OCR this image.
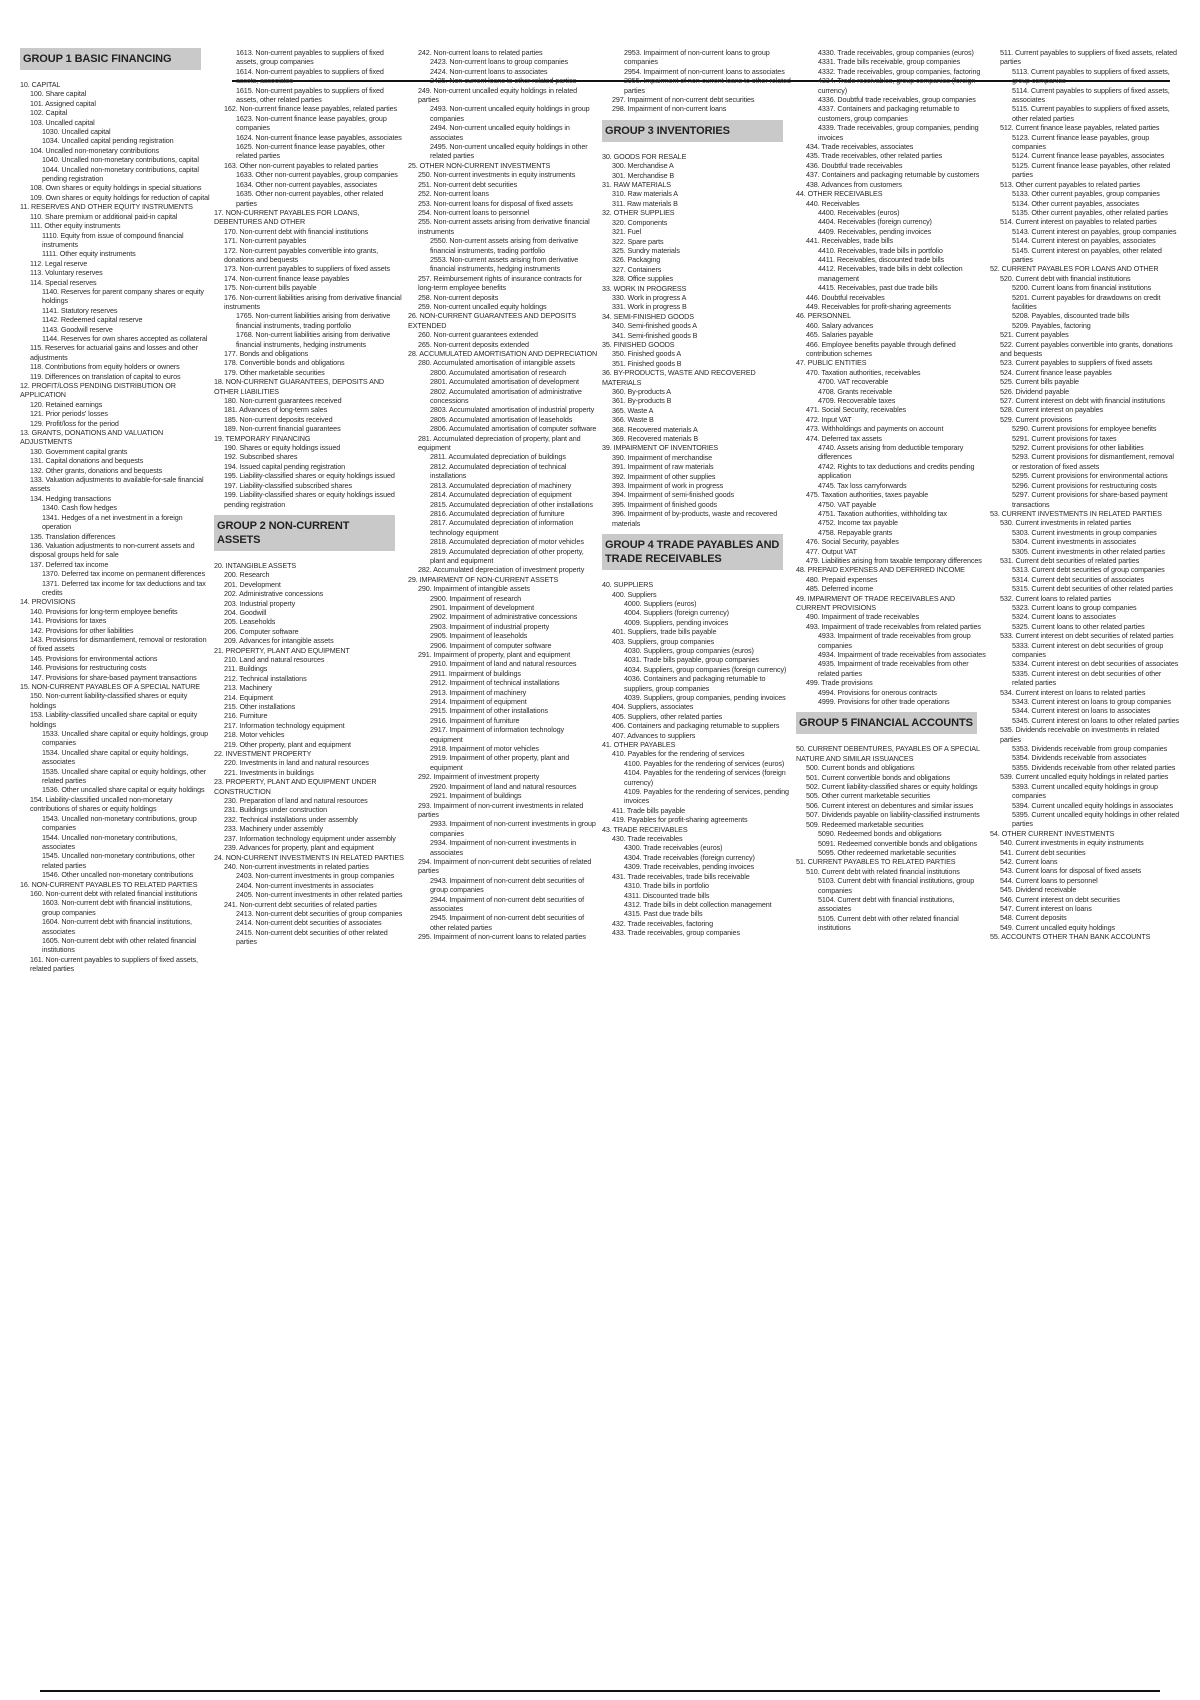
GROUP 1 BASIC FINANCING
10. CAPITAL
100. Share capital
101. Assigned capital
102. Capital
103. Uncalled capital
1030. Uncalled capital
1034. Uncalled capital pending registration
104. Uncalled non-monetary contributions
1040. Uncalled non-monetary contributions, capital
1044. Uncalled non-monetary contributions, capital pending registration
108. Own shares or equity holdings in special situations
109. Own shares or equity holdings for reduction of capital
11. RESERVES AND OTHER EQUITY INSTRUMENTS
110. Share premium or additional paid-in capital
111. Other equity instruments
1110. Equity from issue of compound financial instruments
1111. Other equity instruments
112. Legal reserve
113. Voluntary reserves
114. Special reserves
1140. Reserves for parent company shares or equity holdings
1141. Statutory reserves
1142. Redeemed capital reserve
1143. Goodwill reserve
1144. Reserves for own shares accepted as collateral
115. Reserves for actuarial gains and losses and other adjustments
118. Contributions from equity holders or owners
119. Differences on translation of capital to euros
12. PROFIT/LOSS PENDING DISTRIBUTION OR APPLICATION
120. Retained earnings
121. Prior periods' losses
129. Profit/loss for the period
13. GRANTS, DONATIONS AND VALUATION ADJUSTMENTS
130. Government capital grants
131. Capital donations and bequests
132. Other grants, donations and bequests
133. Valuation adjustments to available-for-sale financial assets
134. Hedging transactions
1340. Cash flow hedges
1341. Hedges of a net investment in a foreign operation
135. Translation differences
136. Valuation adjustments to non-current assets and disposal groups held for sale
137. Deferred tax income
1370. Deferred tax income on permanent differences
1371. Deferred tax income for tax deductions and tax credits
14. PROVISIONS
140. Provisions for long-term employee benefits
141. Provisions for taxes
142. Provisions for other liabilities
143. Provisions for dismantlement, removal or restoration of fixed assets
145. Provisions for environmental actions
146. Provisions for restructuring costs
147. Provisions for share-based payment transactions
15. NON-CURRENT PAYABLES OF A SPECIAL NATURE
150. Non-current liability-classified shares or equity holdings
153. Liability-classified uncalled share capital or equity holdings
1533. Uncalled share capital or equity holdings, group companies
1534. Uncalled share capital or equity holdings, associates
1535. Uncalled share capital or equity holdings, other related parties
1536. Other uncalled share capital or equity holdings
154. Liability-classified uncalled non-monetary contributions of shares or equity holdings
1543. Uncalled non-monetary contributions, group companies
1544. Uncalled non-monetary contributions, associates
1545. Uncalled non-monetary contributions, other related parties
1546. Other uncalled non-monetary contributions
16. NON-CURRENT PAYABLES TO RELATED PARTIES
160. Non-current debt with related financial institutions
1603. Non-current debt with financial institutions, group companies
1604. Non-current debt with financial institutions, associates
1605. Non-current debt with other related financial institutions
161. Non-current payables to suppliers of fixed assets, related parties
1613. Non-current payables to suppliers of fixed assets, group companies
1614. Non-current payables to suppliers of fixed assets, associates
1615. Non-current payables to suppliers of fixed assets, other related parties
162. Non-current finance lease payables, related parties
1623. Non-current finance lease payables, group companies
1624. Non-current finance lease payables, associates
1625. Non-current finance lease payables, other related parties
163. Other non-current payables to related parties
1633. Other non-current payables, group companies
1634. Other non-current payables, associates
1635. Other non-current payables, other related parties
17. NON-CURRENT PAYABLES FOR LOANS, DEBENTURES AND OTHER
170. Non-current debt with financial institutions
171. Non-current payables
172. Non-current payables convertible into grants, donations and bequests
173. Non-current payables to suppliers of fixed assets
174. Non-current finance lease payables
175. Non-current bills payable
176. Non-current liabilities arising from derivative financial instruments
1765. Non-current liabilities arising from derivative financial instruments, trading portfolio
1768. Non-current liabilities arising from derivative financial instruments, hedging instruments
177. Bonds and obligations
178. Convertible bonds and obligations
179. Other marketable securities
18. NON-CURRENT GUARANTEES, DEPOSITS AND OTHER LIABILITIES
180. Non-current guarantees received
181. Advances of long-term sales
185. Non-current deposits received
189. Non-current financial guarantees
19. TEMPORARY FINANCING
190. Shares or equity holdings issued
192. Subscribed shares
194. Issued capital pending registration
195. Liability-classified shares or equity holdings issued
197. Liability-classified subscribed shares
199. Liability-classified shares or equity holdings issued pending registration
GROUP 2 NON-CURRENT ASSETS
20. INTANGIBLE ASSETS
200. Research
201. Development
202. Administrative concessions
203. Industrial property
204. Goodwill
205. Leaseholds
206. Computer software
209. Advances for intangible assets
21. PROPERTY, PLANT AND EQUIPMENT
210. Land and natural resources
211. Buildings
212. Technical installations
213. Machinery
214. Equipment
215. Other installations
216. Furniture
217. Information technology equipment
218. Motor vehicles
219. Other property, plant and equipment
22. INVESTMENT PROPERTY
220. Investments in land and natural resources
221. Investments in buildings
23. PROPERTY, PLANT AND EQUIPMENT UNDER CONSTRUCTION
230. Preparation of land and natural resources
231. Buildings under construction
232. Technical installations under assembly
233. Machinery under assembly
237. Information technology equipment under assembly
239. Advances for property, plant and equipment
24. NON-CURRENT INVESTMENTS IN RELATED PARTIES
240. Non-current investments in related parties
2403. Non-current investments in group companies
2404. Non-current investments in associates
2405. Non-current investments in other related parties
241. Non-current debt securities of related parties
2413. Non-current debt securities of group companies
2414. Non-current debt securities of associates
2415. Non-current debt securities of other related parties
242. Non-current loans to related parties
2423. Non-current loans to group companies
2424. Non-current loans to associates
2425. Non-current loans to other related parties
249. Non-current uncalled equity holdings in related parties
2493. Non-current uncalled equity holdings in group companies
2494. Non-current uncalled equity holdings in associates
2495. Non-current uncalled equity holdings in other related parties
25. OTHER NON-CURRENT INVESTMENTS
250. Non-current investments in equity instruments
251. Non-current debt securities
252. Non-current loans
253. Non-current loans for disposal of fixed assets
254. Non-current loans to personnel
255. Non-current assets arising from derivative financial instruments
2550. Non-current assets arising from derivative financial instruments, trading portfolio
2553. Non-current assets arising from derivative financial instruments, hedging instruments
257. Reimbursement rights of insurance contracts for long-term employee benefits
258. Non-current deposits
259. Non-current uncalled equity holdings
26. NON-CURRENT GUARANTEES AND DEPOSITS EXTENDED
260. Non-current guarantees extended
265. Non-current deposits extended
28. ACCUMULATED AMORTISATION AND DEPRECIATION
280. Accumulated amortisation of intangible assets
2800. Accumulated amortisation of research
2801. Accumulated amortisation of development
2802. Accumulated amortisation of administrative concessions
2803. Accumulated amortisation of industrial property
2805. Accumulated amortisation of leaseholds
2806. Accumulated amortisation of computer software
281. Accumulated depreciation of property, plant and equipment
2811. Accumulated depreciation of buildings
2812. Accumulated depreciation of technical installations
2813. Accumulated depreciation of machinery
2814. Accumulated depreciation of equipment
2815. Accumulated depreciation of other installations
2816. Accumulated depreciation of furniture
2817. Accumulated depreciation of information technology equipment
2818. Accumulated depreciation of motor vehicles
2819. Accumulated depreciation of other property, plant and equipment
282. Accumulated depreciation of investment property
29. IMPAIRMENT OF NON-CURRENT ASSETS
290. Impairment of intangible assets
2900. Impairment of research
2901. Impairment of development
2902. Impairment of administrative concessions
2903. Impairment of industrial property
2905. Impairment of leaseholds
2906. Impairment of computer software
291. Impairment of property, plant and equipment
2910. Impairment of land and natural resources
2911. Impairment of buildings
2912. Impairment of technical installations
2913. Impairment of machinery
2914. Impairment of equipment
2915. Impairment of other installations
2916. Impairment of furniture
2917. Impairment of information technology equipment
2918. Impairment of motor vehicles
2919. Impairment of other property, plant and equipment
292. Impairment of investment property
2920. Impairment of land and natural resources
2921. Impairment of buildings
293. Impairment of non-current investments in related parties
2933. Impairment of non-current investments in group companies
2934. Impairment of non-current investments in associates
294. Impairment of non-current debt securities of related parties
2943. Impairment of non-current debt securities of group companies
2944. Impairment of non-current debt securities of associates
2945. Impairment of non-current debt securities of other related parties
295. Impairment of non-current loans to related parties
2953. Impairment of non-current loans to group companies
2954. Impairment of non-current loans to associates
2955. Impairment of non-current loans to other related parties
297. Impairment of non-current debt securities
298. Impairment of non-current loans
GROUP 3 INVENTORIES
30. GOODS FOR RESALE
300. Merchandise A
301. Merchandise B
31. RAW MATERIALS
310. Raw materials A
311. Raw materials B
32. OTHER SUPPLIES
320. Components
321. Fuel
322. Spare parts
325. Sundry materials
326. Packaging
327. Containers
328. Office supplies
33. WORK IN PROGRESS
330. Work in progress A
331. Work in progress B
34. SEMI-FINISHED GOODS
340. Semi-finished goods A
341. Semi-finished goods B
35. FINISHED GOODS
350. Finished goods A
351. Finished goods B
36. BY-PRODUCTS, WASTE AND RECOVERED MATERIALS
360. By-products A
361. By-products B
365. Waste A
366. Waste B
368. Recovered materials A
369. Recovered materials B
39. IMPAIRMENT OF INVENTORIES
390. Impairment of merchandise
391. Impairment of raw materials
392. Impairment of other supplies
393. Impairment of work in progress
394. Impairment of semi-finished goods
395. Impairment of finished goods
396. Impairment of by-products, waste and recovered materials
GROUP 4 TRADE PAYABLES AND TRADE RECEIVABLES
40. SUPPLIERS
400. Suppliers
4000. Suppliers (euros)
4004. Suppliers (foreign currency)
4009. Suppliers, pending invoices
401. Suppliers, trade bills payable
403. Suppliers, group companies
4030. Suppliers, group companies (euros)
4031. Trade bills payable, group companies
4034. Suppliers, group companies (foreign currency)
4036. Containers and packaging returnable to suppliers, group companies
4039. Suppliers, group companies, pending invoices
404. Suppliers, associates
405. Suppliers, other related parties
406. Containers and packaging returnable to suppliers
407. Advances to suppliers
41. OTHER PAYABLES
410. Payables for the rendering of services
4100. Payables for the rendering of services (euros)
4104. Payables for the rendering of services (foreign currency)
4109. Payables for the rendering of services, pending invoices
411. Trade bills payable
419. Payables for profit-sharing agreements
43. TRADE RECEIVABLES
430. Trade receivables
4300. Trade receivables (euros)
4304. Trade receivables (foreign currency)
4309. Trade receivables, pending invoices
431. Trade receivables, trade bills receivable
4310. Trade bills in portfolio
4311. Discounted trade bills
4312. Trade bills in debt collection management
4315. Past due trade bills
432. Trade receivables, factoring
433. Trade receivables, group companies
4330. Trade receivables, group companies (euros)
4331. Trade bills receivable, group companies
4332. Trade receivables, group companies, factoring
4334. Trade receivables, group companies (foreign currency)
4336. Doubtful trade receivables, group companies
4337. Containers and packaging returnable to customers, group companies
4339. Trade receivables, group companies, pending invoices
434. Trade receivables, associates
435. Trade receivables, other related parties
436. Doubtful trade receivables
437. Containers and packaging returnable by customers
438. Advances from customers
44. OTHER RECEIVABLES
440. Receivables
4400. Receivables (euros)
4404. Receivables (foreign currency)
4409. Receivables, pending invoices
441. Receivables, trade bills
4410. Receivables, trade bills in portfolio
4411. Receivables, discounted trade bills
4412. Receivables, trade bills in debt collection management
4415. Receivables, past due trade bills
446. Doubtful receivables
449. Receivables for profit-sharing agreements
46. PERSONNEL
460. Salary advances
465. Salaries payable
466. Employee benefits payable through defined contribution schemes
47. PUBLIC ENTITIES
470. Taxation authorities, receivables
4700. VAT recoverable
4708. Grants receivable
4709. Recoverable taxes
471. Social Security, receivables
472. Input VAT
473. Withholdings and payments on account
474. Deferred tax assets
4740. Assets arising from deductible temporary differences
4742. Rights to tax deductions and credits pending application
4745. Tax loss carryforwards
475. Taxation authorities, taxes payable
4750. VAT payable
4751. Taxation authorities, withholding tax
4752. Income tax payable
4758. Repayable grants
476. Social Security, payables
477. Output VAT
479. Liabilities arising from taxable temporary differences
48. PREPAID EXPENSES AND DEFERRED INCOME
480. Prepaid expenses
485. Deferred income
49. IMPAIRMENT OF TRADE RECEIVABLES AND CURRENT PROVISIONS
490. Impairment of trade receivables
493. Impairment of trade receivables from related parties
4933. Impairment of trade receivables from group companies
4934. Impairment of trade receivables from associates
4935. Impairment of trade receivables from other related parties
499. Trade provisions
4994. Provisions for onerous contracts
4999. Provisions for other trade operations
GROUP 5 FINANCIAL ACCOUNTS
50. CURRENT DEBENTURES, PAYABLES OF A SPECIAL NATURE AND SIMILAR ISSUANCES
500. Current bonds and obligations
501. Current convertible bonds and obligations
502. Current liability-classified shares or equity holdings
505. Other current marketable securities
506. Current interest on debentures and similar issues
507. Dividends payable on liability-classified instruments
509. Redeemed marketable securities
5090. Redeemed bonds and obligations
5091. Redeemed convertible bonds and obligations
5095. Other redeemed marketable securities
51. CURRENT PAYABLES TO RELATED PARTIES
510. Current debt with related financial institutions
5103. Current debt with financial institutions, group companies
5104. Current debt with financial institutions, associates
5105. Current debt with other related financial institutions
511. Current payables to suppliers of fixed assets, related parties
5113. Current payables to suppliers of fixed assets, group companies
5114. Current payables to suppliers of fixed assets, associates
5115. Current payables to suppliers of fixed assets, other related parties
512. Current finance lease payables, related parties
5123. Current finance lease payables, group companies
5124. Current finance lease payables, associates
5125. Current finance lease payables, other related parties
513. Other current payables to related parties
5133. Other current payables, group companies
5134. Other current payables, associates
5135. Other current payables, other related parties
514. Current interest on payables to related parties
5143. Current interest on payables, group companies
5144. Current interest on payables, associates
5145. Current interest on payables, other related parties
52. CURRENT PAYABLES FOR LOANS AND OTHER
520. Current debt with financial institutions
5200. Current loans from financial institutions
5201. Current payables for drawdowns on credit facilities
5208. Payables, discounted trade bills
5209. Payables, factoring
521. Current payables
522. Current payables convertible into grants, donations and bequests
523. Current payables to suppliers of fixed assets
524. Current finance lease payables
525. Current bills payable
526. Dividend payable
527. Current interest on debt with financial institutions
528. Current interest on payables
529. Current provisions
5290. Current provisions for employee benefits
5291. Current provisions for taxes
5292. Current provisions for other liabilities
5293. Current provisions for dismantlement, removal or restoration of fixed assets
5295. Current provisions for environmental actions
5296. Current provisions for restructuring costs
5297. Current provisions for share-based payment transactions
53. CURRENT INVESTMENTS IN RELATED PARTIES
530. Current investments in related parties
5303. Current investments in group companies
5304. Current investments in associates
5305. Current investments in other related parties
531. Current debt securities of related parties
5313. Current debt securities of group companies
5314. Current debt securities of associates
5315. Current debt securities of other related parties
532. Current loans to related parties
5323. Current loans to group companies
5324. Current loans to associates
5325. Current loans to other related parties
533. Current interest on debt securities of related parties
5333. Current interest on debt securities of group companies
5334. Current interest on debt securities of associates
5335. Current interest on debt securities of other related parties
534. Current interest on loans to related parties
5343. Current interest on loans to group companies
5344. Current interest on loans to associates
5345. Current interest on loans to other related parties
535. Dividends receivable on investments in related parties
5353. Dividends receivable from group companies
5354. Dividends receivable from associates
5355. Dividends receivable from other related parties
539. Current uncalled equity holdings in related parties
5393. Current uncalled equity holdings in group companies
5394. Current uncalled equity holdings in associates
5395. Current uncalled equity holdings in other related parties
54. OTHER CURRENT INVESTMENTS
540. Current investments in equity instruments
541. Current debt securities
542. Current loans
543. Current loans for disposal of fixed assets
544. Current loans to personnel
545. Dividend receivable
546. Current interest on debt securities
547. Current interest on loans
548. Current deposits
549. Current uncalled equity holdings
55. ACCOUNTS OTHER THAN BANK ACCOUNTS
